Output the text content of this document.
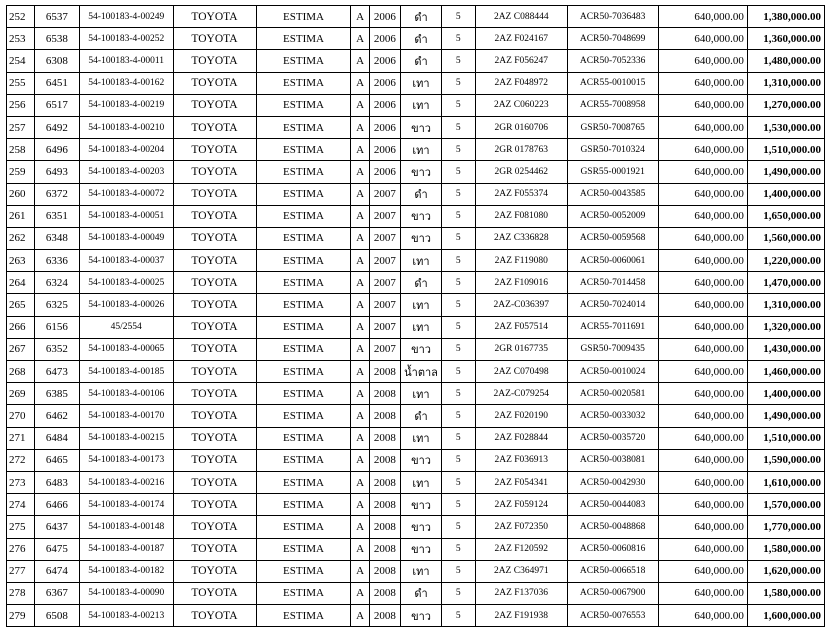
252	6537	54-100183-4-00249	TOYOTA	ESTIMA	A	2006	ดำ	5	2AZ C088444	ACR50-7036483	640,000.00	1,380,000.00
253	6538	54-100183-4-00252	TOYOTA	ESTIMA	A	2006	ดำ	5	2AZ F024167	ACR50-7048699	640,000.00	1,360,000.00
254	6308	54-100183-4-00011	TOYOTA	ESTIMA	A	2006	ดำ	5	2AZ F056247	ACR50-7052336	640,000.00	1,480,000.00
255	6451	54-100183-4-00162	TOYOTA	ESTIMA	A	2006	เทา	5	2AZ F048972	ACR55-0010015	640,000.00	1,310,000.00
256	6517	54-100183-4-00219	TOYOTA	ESTIMA	A	2006	เทา	5	2AZ C060223	ACR55-7008958	640,000.00	1,270,000.00
257	6492	54-100183-4-00210	TOYOTA	ESTIMA	A	2006	ขาว	5	2GR 0160706	GSR50-7008765	640,000.00	1,530,000.00
258	6496	54-100183-4-00204	TOYOTA	ESTIMA	A	2006	เทา	5	2GR 0178763	GSR50-7010324	640,000.00	1,510,000.00
259	6493	54-100183-4-00203	TOYOTA	ESTIMA	A	2006	ขาว	5	2GR 0254462	GSR55-0001921	640,000.00	1,490,000.00
260	6372	54-100183-4-00072	TOYOTA	ESTIMA	A	2007	ดำ	5	2AZ F055374	ACR50-0043585	640,000.00	1,400,000.00
261	6351	54-100183-4-00051	TOYOTA	ESTIMA	A	2007	ขาว	5	2AZ F081080	ACR50-0052009	640,000.00	1,650,000.00
262	6348	54-100183-4-00049	TOYOTA	ESTIMA	A	2007	ขาว	5	2AZ C336828	ACR50-0059568	640,000.00	1,560,000.00
263	6336	54-100183-4-00037	TOYOTA	ESTIMA	A	2007	เทา	5	2AZ F119080	ACR50-0060061	640,000.00	1,220,000.00
264	6324	54-100183-4-00025	TOYOTA	ESTIMA	A	2007	ดำ	5	2AZ F109016	ACR50-7014458	640,000.00	1,470,000.00
265	6325	54-100183-4-00026	TOYOTA	ESTIMA	A	2007	เทา	5	2AZ-C036397	ACR50-7024014	640,000.00	1,310,000.00
266	6156	45/2554	TOYOTA	ESTIMA	A	2007	เทา	5	2AZ F057514	ACR55-7011691	640,000.00	1,320,000.00
267	6352	54-100183-4-00065	TOYOTA	ESTIMA	A	2007	ขาว	5	2GR 0167735	GSR50-7009435	640,000.00	1,430,000.00
268	6473	54-100183-4-00185	TOYOTA	ESTIMA	A	2008	น้ำตาล	5	2AZ C070498	ACR50-0010024	640,000.00	1,460,000.00
269	6385	54-100183-4-00106	TOYOTA	ESTIMA	A	2008	เทา	5	2AZ-C079254	ACR50-0020581	640,000.00	1,400,000.00
270	6462	54-100183-4-00170	TOYOTA	ESTIMA	A	2008	ดำ	5	2AZ F020190	ACR50-0033032	640,000.00	1,490,000.00
271	6484	54-100183-4-00215	TOYOTA	ESTIMA	A	2008	เทา	5	2AZ F028844	ACR50-0035720	640,000.00	1,510,000.00
272	6465	54-100183-4-00173	TOYOTA	ESTIMA	A	2008	ขาว	5	2AZ F036913	ACR50-0038081	640,000.00	1,590,000.00
273	6483	54-100183-4-00216	TOYOTA	ESTIMA	A	2008	เทา	5	2AZ F054341	ACR50-0042930	640,000.00	1,610,000.00
274	6466	54-100183-4-00174	TOYOTA	ESTIMA	A	2008	ขาว	5	2AZ F059124	ACR50-0044083	640,000.00	1,570,000.00
275	6437	54-100183-4-00148	TOYOTA	ESTIMA	A	2008	ขาว	5	2AZ F072350	ACR50-0048868	640,000.00	1,770,000.00
276	6475	54-100183-4-00187	TOYOTA	ESTIMA	A	2008	ขาว	5	2AZ F120592	ACR50-0060816	640,000.00	1,580,000.00
277	6474	54-100183-4-00182	TOYOTA	ESTIMA	A	2008	เทา	5	2AZ C364971	ACR50-0066518	640,000.00	1,620,000.00
278	6367	54-100183-4-00090	TOYOTA	ESTIMA	A	2008	ดำ	5	2AZ F137036	ACR50-0067900	640,000.00	1,580,000.00
279	6508	54-100183-4-00213	TOYOTA	ESTIMA	A	2008	ขาว	5	2AZ F191938	ACR50-0076553	640,000.00	1,600,000.00
